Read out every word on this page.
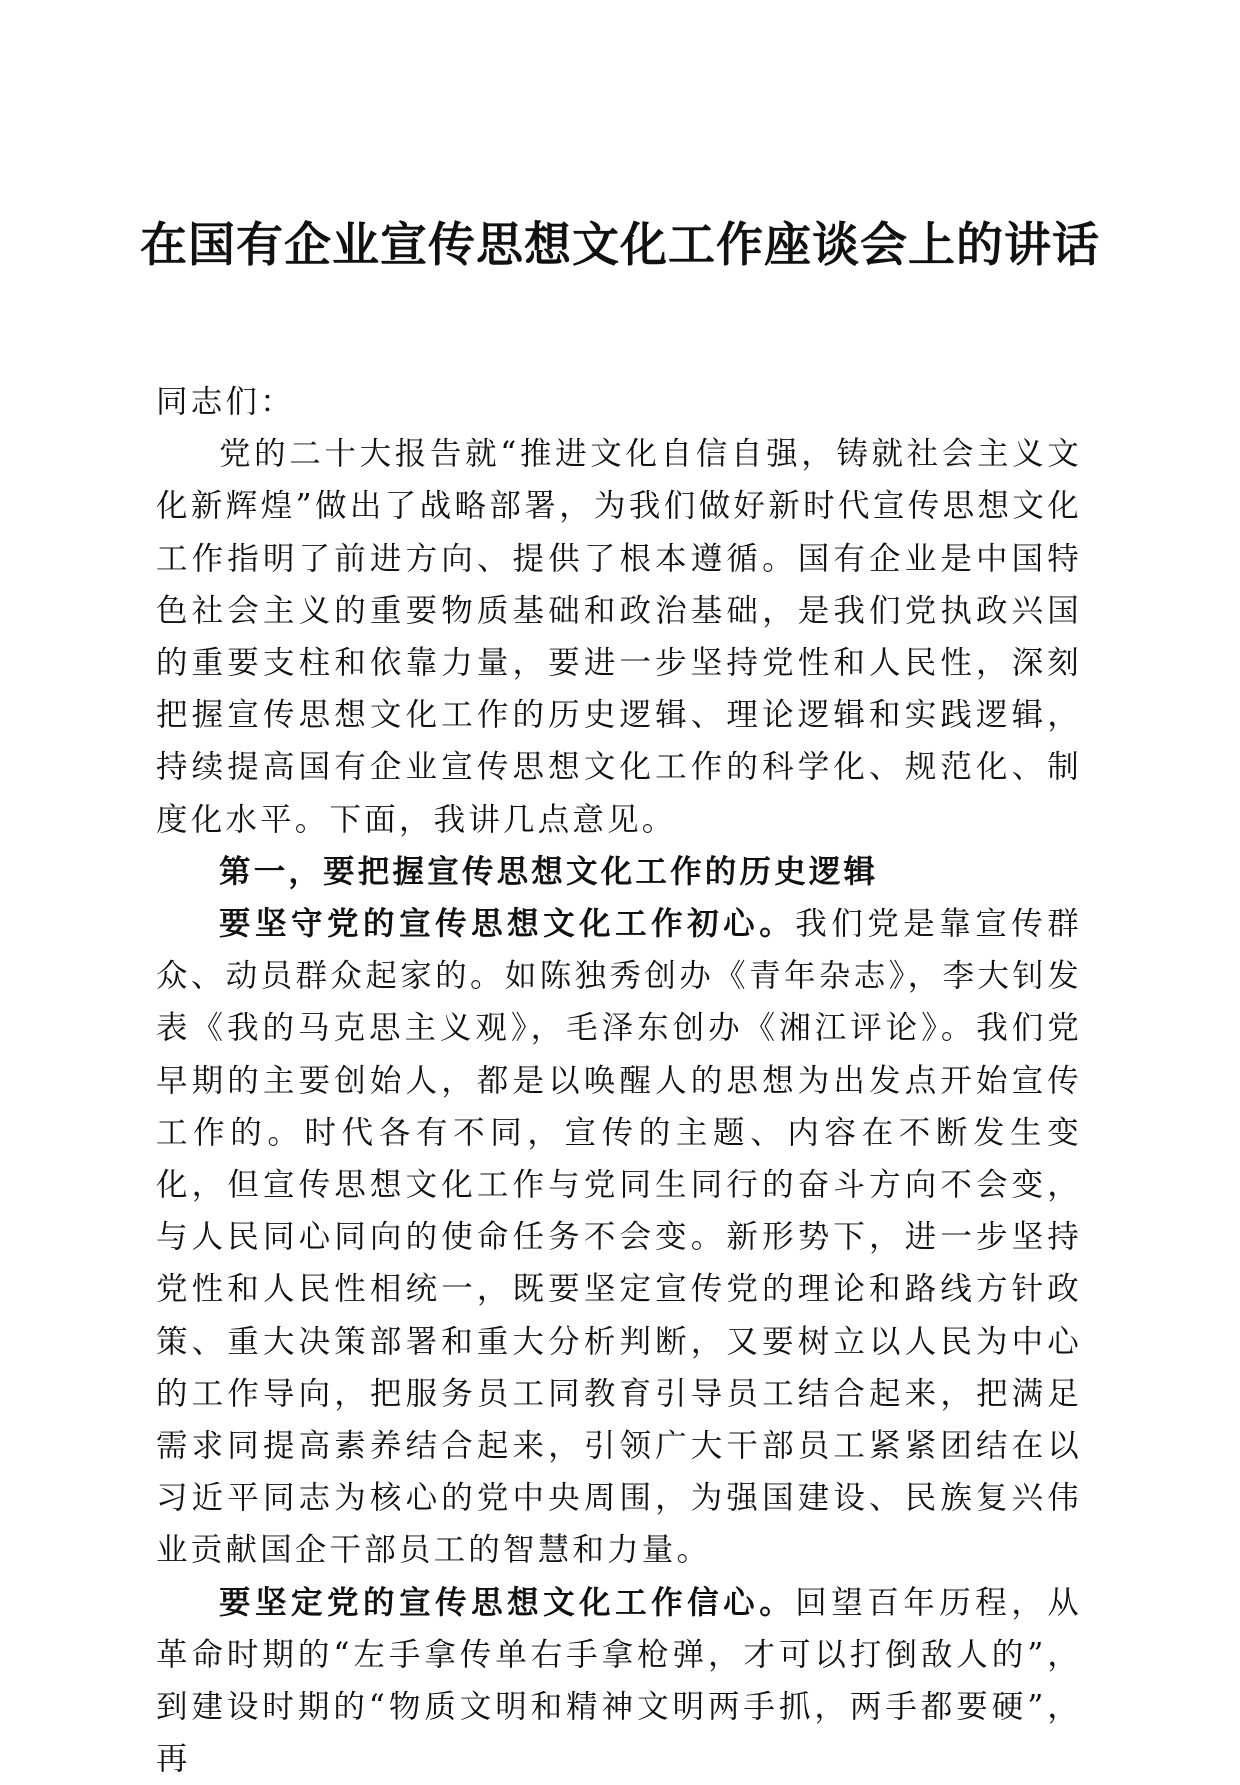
在国有企业宣传思想文化工作座谈会上的讲话

同志们：

党的二十大报告就“推进文化自信自强，铸就社会主义文化新辉煌”做出了战略部署，为我们做好新时代宣传思想文化工作指明了前进方向、提供了根本遵循。国有企业是中国特色社会主义的重要物质基础和政治基础，是我们党执政兴国的重要支柱和依靠力量，要进一步坚持党性和人民性，深刻把握宣传思想文化工作的历史逻辑、理论逻辑和实践逻辑，持续提高国有企业宣传思想文化工作的科学化、规范化、制度化水平。下面，我讲几点意见。

第一，要把握宣传思想文化工作的历史逻辑

要坚守党的宣传思想文化工作初心。我们党是靠宣传群众、动员群众起家的。如陈独秀创办《青年杂志》，李大钊发表《我的马克思主义观》，毛泽东创办《湘江评论》。我们党早期的主要创始人，都是以唤醒人的思想为出发点开始宣传工作的。时代各有不同，宣传的主题、内容在不断发生变化，但宣传思想文化工作与党同生同行的奋斗方向不会变，与人民同心同向的使命任务不会变。新形势下，进一步坚持党性和人民性相统一，既要坚定宣传党的理论和路线方针政策、重大决策部署和重大分析判断，又要树立以人民为中心的工作导向，把服务员工同教育引导员工结合起来，把满足需求同提高素养结合起来，引领广大干部员工紧紧团结在以习近平同志为核心的党中央周围，为强国建设、民族复兴伟业贡献国企干部员工的智慧和力量。

要坚定党的宣传思想文化工作信心。回望百年历程，从革命时期的“左手拿传单右手拿枪弹，才可以打倒敌人的”，到建设时期的“物质文明和精神文明两手抓，两手都要硬”，再
